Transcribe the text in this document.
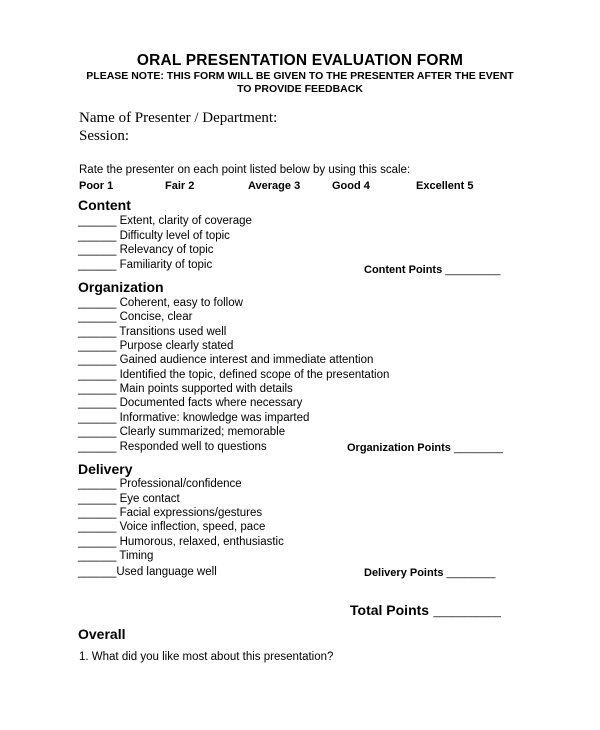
ORAL PRESENTATION EVALUATION FORM
PLEASE NOTE: THIS FORM WILL BE GIVEN TO THE PRESENTER AFTER THE EVENT
TO PROVIDE FEEDBACK
Name of Presenter / Department:
Session:
Rate the presenter on each point listed below by using this scale:
Poor 1	Fair 2	Average 3	Good 4	Excellent 5
Content
______ Extent, clarity of coverage
______ Difficulty level of topic
______ Relevancy of topic
______ Familiarity of topic	Content Points _________
Organization
______ Coherent, easy to follow
______ Concise, clear
______ Transitions used well
______ Purpose clearly stated
______ Gained audience interest and immediate attention
______ Identified the topic, defined scope of the presentation
______ Main points supported with details
______ Documented facts where necessary
______ Informative: knowledge was imparted
______ Clearly summarized; memorable
______ Responded well to questions	Organization Points ________
Delivery
______ Professional/confidence
______ Eye contact
______ Facial expressions/gestures
______ Voice inflection, speed, pace
______ Humorous, relaxed, enthusiastic
______ Timing
______Used language well	Delivery Points ________
Total Points ___________
Overall
1. What did you like most about this presentation?
